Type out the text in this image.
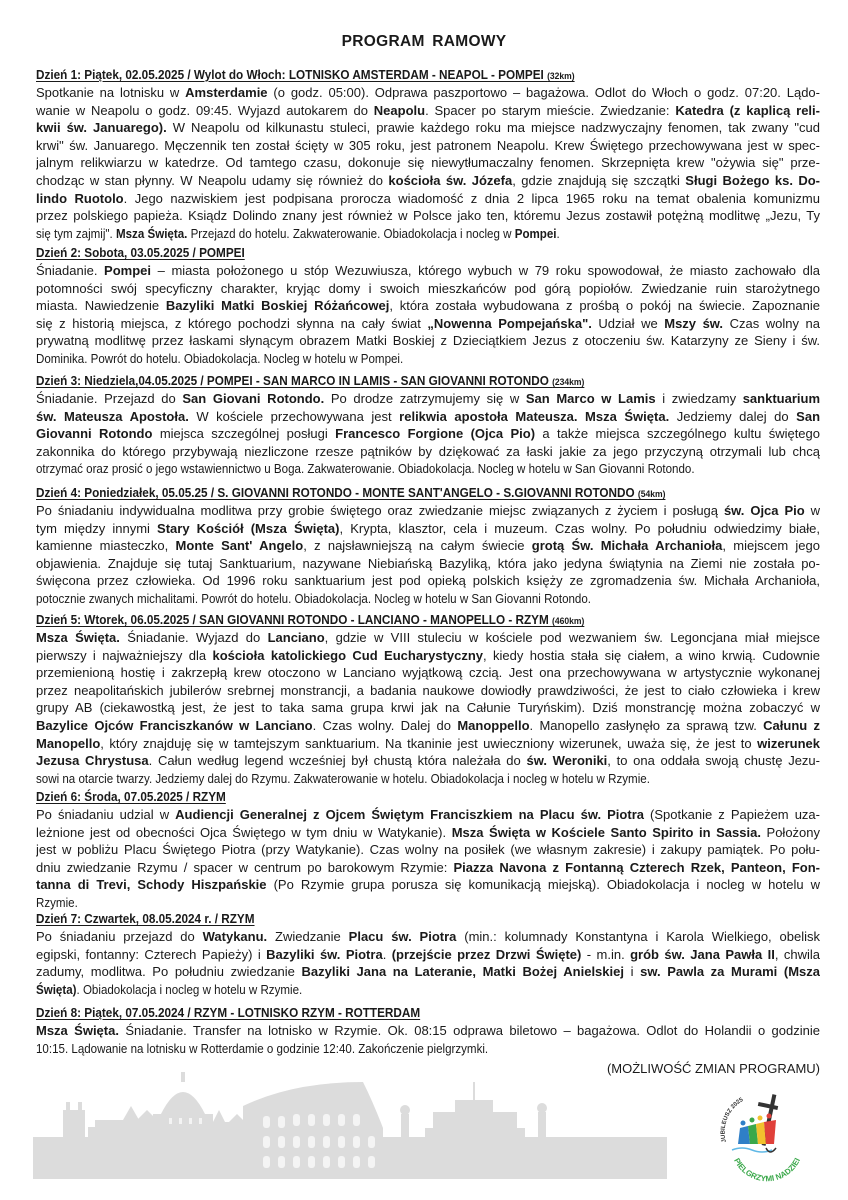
PROGRAM RAMOWY
Dzień 1: Piątek, 02.05.2025 / Wylot do Włoch: LOTNISKO AMSTERDAM - NEAPOL - POMPEI (32km)
Spotkanie na lotnisku w Amsterdamie (o godz. 05:00). Odprawa paszportowo – bagażowa. Odlot do Włoch o godz. 07:20. Lądo-
wanie w Neapolu o godz. 09:45. Wyjazd autokarem do Neapolu. Spacer po starym mieście. Zwiedzanie: Katedra (z kaplicą reli-
kwii św. Januarego). W Neapolu od kilkunastu stuleci, prawie każdego roku ma miejsce nadzwyczajny fenomen, tak zwany "cud
krwi" św. Januarego. Męczennik ten został ścięty w 305 roku, jest patronem Neapolu. Krew Świętego przechowywana jest w spec-
jalnym relikwiarzu w katedrze. Od tamtego czasu, dokonuje się niewytłumaczalny fenomen. Skrzepnięta krew "ożywia się" prze-
chodząc w stan płynny. W Neapolu udamy się również do kościoła św. Józefa, gdzie znajdują się szczątki Sługi Bożego ks. Do-
lindo Ruotolo. Jego nazwiskiem jest podpisana prorocza wiadomość z dnia 2 lipca 1965 roku na temat obalenia komunizmu
przez polskiego papieża. Ksiądz Dolindo znany jest również w Polsce jako ten, któremu Jezus zostawił potężną modlitwę „Jezu, Ty
się tym zajmij". Msza Święta. Przejazd do hotelu. Zakwaterowanie. Obiadokolacja i nocleg w Pompei.
Dzień 2: Sobota, 03.05.2025 / POMPEI
Śniadanie. Pompei – miasta położonego u stóp Wezuwiusza, którego wybuch w 79 roku spowodował, że miasto zachowało dla
potomności swój specyficzny charakter, kryjąc domy i swoich mieszkańców pod górą popiołów. Zwiedzanie ruin starożytnego
miasta. Nawiedzenie Bazyliki Matki Boskiej Różańcowej, która została wybudowana z prośbą o pokój na świecie. Zapoznanie
się z historią miejsca, z którego pochodzi słynna na cały świat „Nowenna Pompejańska". Udział we Mszy św. Czas wolny na
prywatną modlitwę przez łaskami słynącym obrazem Matki Boskiej z Dzieciątkiem Jezus z otoczeniu św. Katarzyny ze Sieny i św.
Dominika. Powrót do hotelu. Obiadokolacja. Nocleg w hotelu w Pompei.
Dzień 3: Niedziela,04.05.2025 / POMPEI - SAN MARCO IN LAMIS - SAN GIOVANNI ROTONDO (234km)
Śniadanie. Przejazd do San Giovani Rotondo. Po drodze zatrzymujemy się w San Marco w Lamis i zwiedzamy sanktuarium
św. Mateusza Apostoła. W kościele przechowywana jest relikwia apostoła Mateusza. Msza Święta. Jedziemy dalej do San
Giovanni Rotondo miejsca szczególnej posługi Francesco Forgione (Ojca Pio) a także miejsca szczególnego kultu świętego
zakonnika do którego przybywają niezliczone rzesze pątników by dziękować za łaski jakie za jego przyczyną otrzymali lub chcą
otrzymać oraz prosić o jego wstawiennictwo u Boga. Zakwaterowanie. Obiadokolacja. Nocleg w hotelu w San Giovanni Rotondo.
Dzień 4: Poniedziałek, 05.05.25 / S. GIOVANNI ROTONDO - MONTE SANT'ANGELO - S.GIOVANNI ROTONDO (54km)
Po śniadaniu indywidualna modlitwa przy grobie świętego oraz zwiedzanie miejsc związanych z życiem i posługą św. Ojca Pio w
tym między innymi Stary Kościół (Msza Święta), Krypta, klasztor, cela i muzeum. Czas wolny. Po południu odwiedzimy białe,
kamienne miasteczko, Monte Sant' Angelo, z najsławniejszą na całym świecie grotą Św. Michała Archanioła, miejscem jego
objawienia. Znajduje się tutaj Sanktuarium, nazywane Niebiańską Bazyliką, która jako jedyna świątynia na Ziemi nie została po-
święcona przez człowieka. Od 1996 roku sanktuarium jest pod opieką polskich księży ze zgromadzenia św. Michała Archanioła,
potocznie zwanych michalitami. Powrót do hotelu. Obiadokolacja. Nocleg w hotelu w San Giovanni Rotondo.
Dzień 5: Wtorek, 06.05.2025 / SAN GIOVANNI ROTONDO - LANCIANO - MANOPELLO - RZYM (460km)
Msza Święta. Śniadanie. Wyjazd do Lanciano, gdzie w VIII stuleciu w kościele pod wezwaniem św. Legoncjana miał miejsce
pierwszy i najważniejszy dla kościoła katolickiego Cud Eucharystyczny, kiedy hostia stała się ciałem, a wino krwią. Cudownie
przemienioną hostię i zakrzepłą krew otoczono w Lanciano wyjątkową czcią. Jest ona przechowywana w artystycznie wykonanej
przez neapolitańskich jubilerów srebrnej monstrancji, a badania naukowe dowiodły prawdziwości, że jest to ciało człowieka i krew
grupy AB (ciekawostką jest, że jest to taka sama grupa krwi jak na Całunie Turyńskim). Dziś monstrancję można zobaczyć w
Bazylice Ojców Franciszkanów w Lanciano. Czas wolny. Dalej do Manoppello. Manopello zasłynęło za sprawą tzw. Całunu z
Manopello, który znajduję się w tamtejszym sanktuarium. Na tkaninie jest uwieczniony wizerunek, uważa się, że jest to wizerunek
Jezusa Chrystusa. Całun według legend wcześniej był chustą która należała do św. Weroniki, to ona oddała swoją chustę Jezu-
sowi na otarcie twarzy. Jedziemy dalej do Rzymu. Zakwaterowanie w hotelu. Obiadokolacja i nocleg w hotelu w Rzymie.
Dzień 6: Środa, 07.05.2025 / RZYM
Po śniadaniu udzial w Audiencji Generalnej z Ojcem Świętym Franciszkiem na Placu św. Piotra (Spotkanie z Papieżem uza-
leżnione jest od obecności Ojca Świętego w tym dniu w Watykanie). Msza Święta w Kościele Santo Spirito in Sassia. Położony
jest w pobliżu Placu Świętego Piotra (przy Watykanie). Czas wolny na posiłek (we własnym zakresie) i zakupy pamiątek. Po połu-
dniu zwiedzanie Rzymu / spacer w centrum po barokowym Rzymie: Piazza Navona z Fontanną Czterech Rzek, Panteon, Fon-
tanna di Trevi, Schody Hiszpańskie (Po Rzymie grupa porusza się komunikacją miejską). Obiadokolacja i nocleg w hotelu w
Rzymie.
Dzień 7: Czwartek, 08.05.2024 r. / RZYM
Po śniadaniu przejazd do Watykanu. Zwiedzanie Placu św. Piotra (min.: kolumnady Konstantyna i Karola Wielkiego, obelisk
egipski, fontanny: Czterech Papieży) i Bazyliki św. Piotra. (przejście przez Drzwi Święte) - m.in. grób św. Jana Pawła II, chwila
zadumy, modlitwa. Po południu zwiedzanie Bazyliki Jana na Lateranie, Matki Bożej Anielskiej i sw. Pawla za Murami (Msza
Święta). Obiadokolacja i nocleg w hotelu w Rzymie.
Dzień 8: Piątek, 07.05.2024 / RZYM - LOTNISKO RZYM - ROTTERDAM
Msza Święta. Śniadanie. Transfer na lotnisko w Rzymie. Ok. 08:15 odprawa biletowo – bagażowa. Odlot do Holandii o godzinie
10:15. Lądowanie na lotnisku w Rotterdamie o godzinie 12:40. Zakończenie pielgrzymki.
(MOŻLIWOŚĆ ZMIAN PROGRAMU)
JUBILEUSZ 2025
PIELGRZYMI NADZIEI
